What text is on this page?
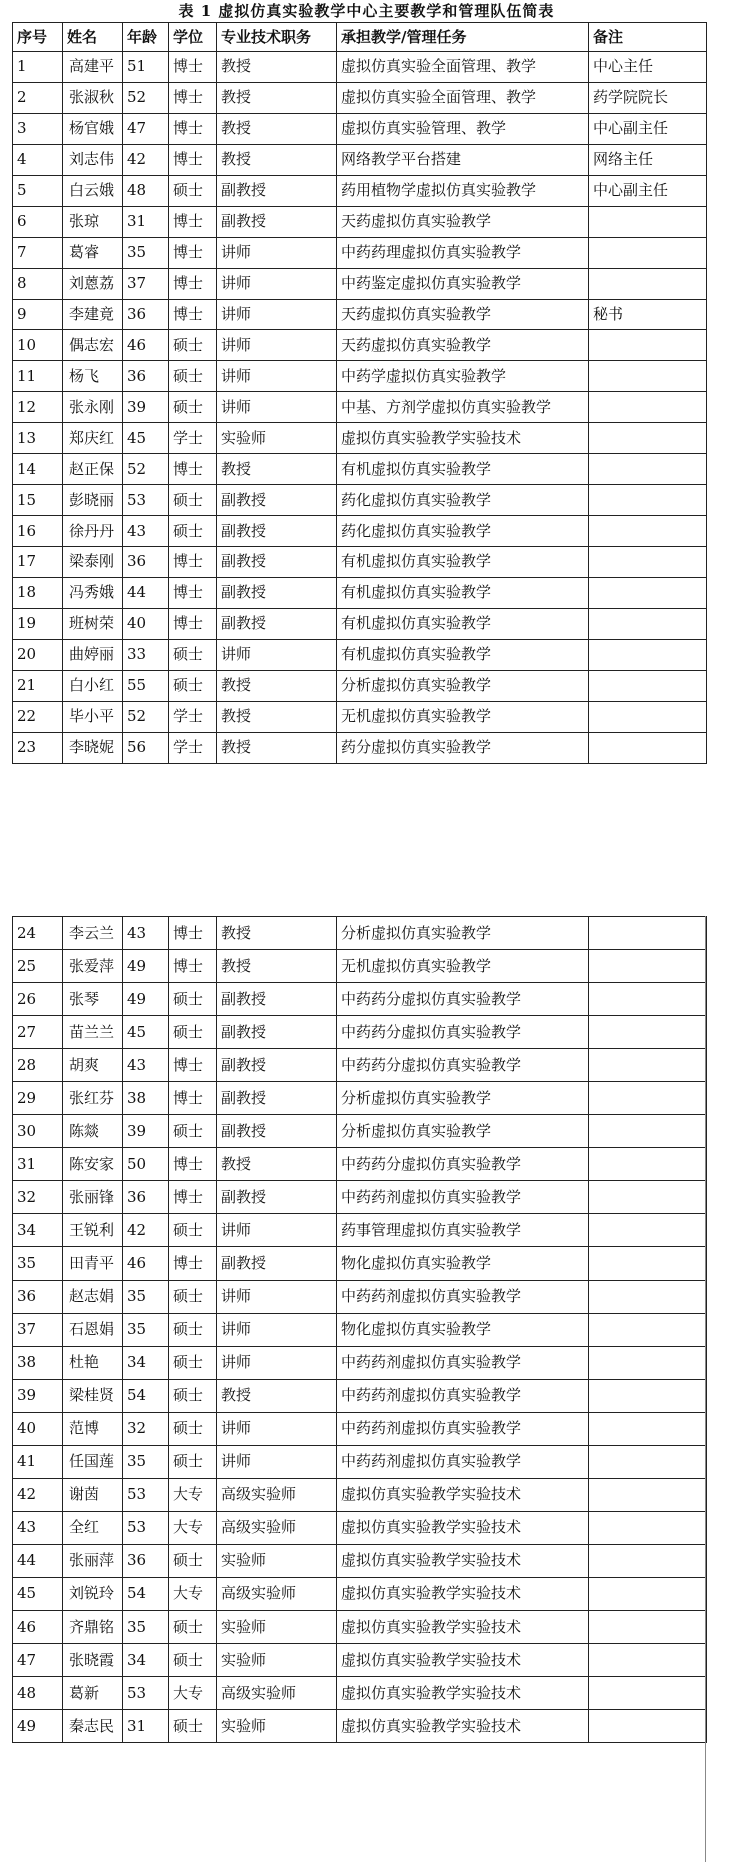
表 1 虚拟仿真实验教学中心主要教学和管理队伍简表
序号	姓名	年龄	学位	专业技术职务	承担教学/管理任务	备注
1	高建平	51	博士	教授	虚拟仿真实验全面管理、教学	中心主任
2	张淑秋	52	博士	教授	虚拟仿真实验全面管理、教学	药学院院长
3	杨官娥	47	博士	教授	虚拟仿真实验管理、教学	中心副主任
4	刘志伟	42	博士	教授	网络教学平台搭建	网络主任
5	白云娥	48	硕士	副教授	药用植物学虚拟仿真实验教学	中心副主任
6	张琼	31	博士	副教授	天药虚拟仿真实验教学	
7	葛睿	35	博士	讲师	中药药理虚拟仿真实验教学	
8	刘蒽荔	37	博士	讲师	中药鉴定虚拟仿真实验教学	
9	李建竟	36	博士	讲师	天药虚拟仿真实验教学	秘书
10	偶志宏	46	硕士	讲师	天药虚拟仿真实验教学	
11	杨飞	36	硕士	讲师	中药学虚拟仿真实验教学	
12	张永刚	39	硕士	讲师	中基、方剂学虚拟仿真实验教学	
13	郑庆红	45	学士	实验师	虚拟仿真实验教学实验技术	
14	赵正保	52	博士	教授	有机虚拟仿真实验教学	
15	彭晓丽	53	硕士	副教授	药化虚拟仿真实验教学	
16	徐丹丹	43	硕士	副教授	药化虚拟仿真实验教学	
17	梁泰刚	36	博士	副教授	有机虚拟仿真实验教学	
18	冯秀娥	44	博士	副教授	有机虚拟仿真实验教学	
19	班树荣	40	博士	副教授	有机虚拟仿真实验教学	
20	曲婷丽	33	硕士	讲师	有机虚拟仿真实验教学	
21	白小红	55	硕士	教授	分析虚拟仿真实验教学	
22	毕小平	52	学士	教授	无机虚拟仿真实验教学	
23	李晓妮	56	学士	教授	药分虚拟仿真实验教学	
24	李云兰	43	博士	教授	分析虚拟仿真实验教学	
25	张爱萍	49	博士	教授	无机虚拟仿真实验教学	
26	张琴	49	硕士	副教授	中药药分虚拟仿真实验教学	
27	苗兰兰	45	硕士	副教授	中药药分虚拟仿真实验教学	
28	胡爽	43	博士	副教授	中药药分虚拟仿真实验教学	
29	张红芬	38	博士	副教授	分析虚拟仿真实验教学	
30	陈燚	39	硕士	副教授	分析虚拟仿真实验教学	
31	陈安家	50	博士	教授	中药药分虚拟仿真实验教学	
32	张丽锋	36	博士	副教授	中药药剂虚拟仿真实验教学	
34	王锐利	42	硕士	讲师	药事管理虚拟仿真实验教学	
35	田青平	46	博士	副教授	物化虚拟仿真实验教学	
36	赵志娟	35	硕士	讲师	中药药剂虚拟仿真实验教学	
37	石恩娟	35	硕士	讲师	物化虚拟仿真实验教学	
38	杜艳	34	硕士	讲师	中药药剂虚拟仿真实验教学	
39	梁桂贤	54	硕士	教授	中药药剂虚拟仿真实验教学	
40	范博	32	硕士	讲师	中药药剂虚拟仿真实验教学	
41	任国莲	35	硕士	讲师	中药药剂虚拟仿真实验教学	
42	谢茵	53	大专	高级实验师	虚拟仿真实验教学实验技术	
43	全红	53	大专	高级实验师	虚拟仿真实验教学实验技术	
44	张丽萍	36	硕士	实验师	虚拟仿真实验教学实验技术	
45	刘锐玲	54	大专	高级实验师	虚拟仿真实验教学实验技术	
46	齐鼎铭	35	硕士	实验师	虚拟仿真实验教学实验技术	
47	张晓霞	34	硕士	实验师	虚拟仿真实验教学实验技术	
48	葛新	53	大专	高级实验师	虚拟仿真实验教学实验技术	
49	秦志民	31	硕士	实验师	虚拟仿真实验教学实验技术	
